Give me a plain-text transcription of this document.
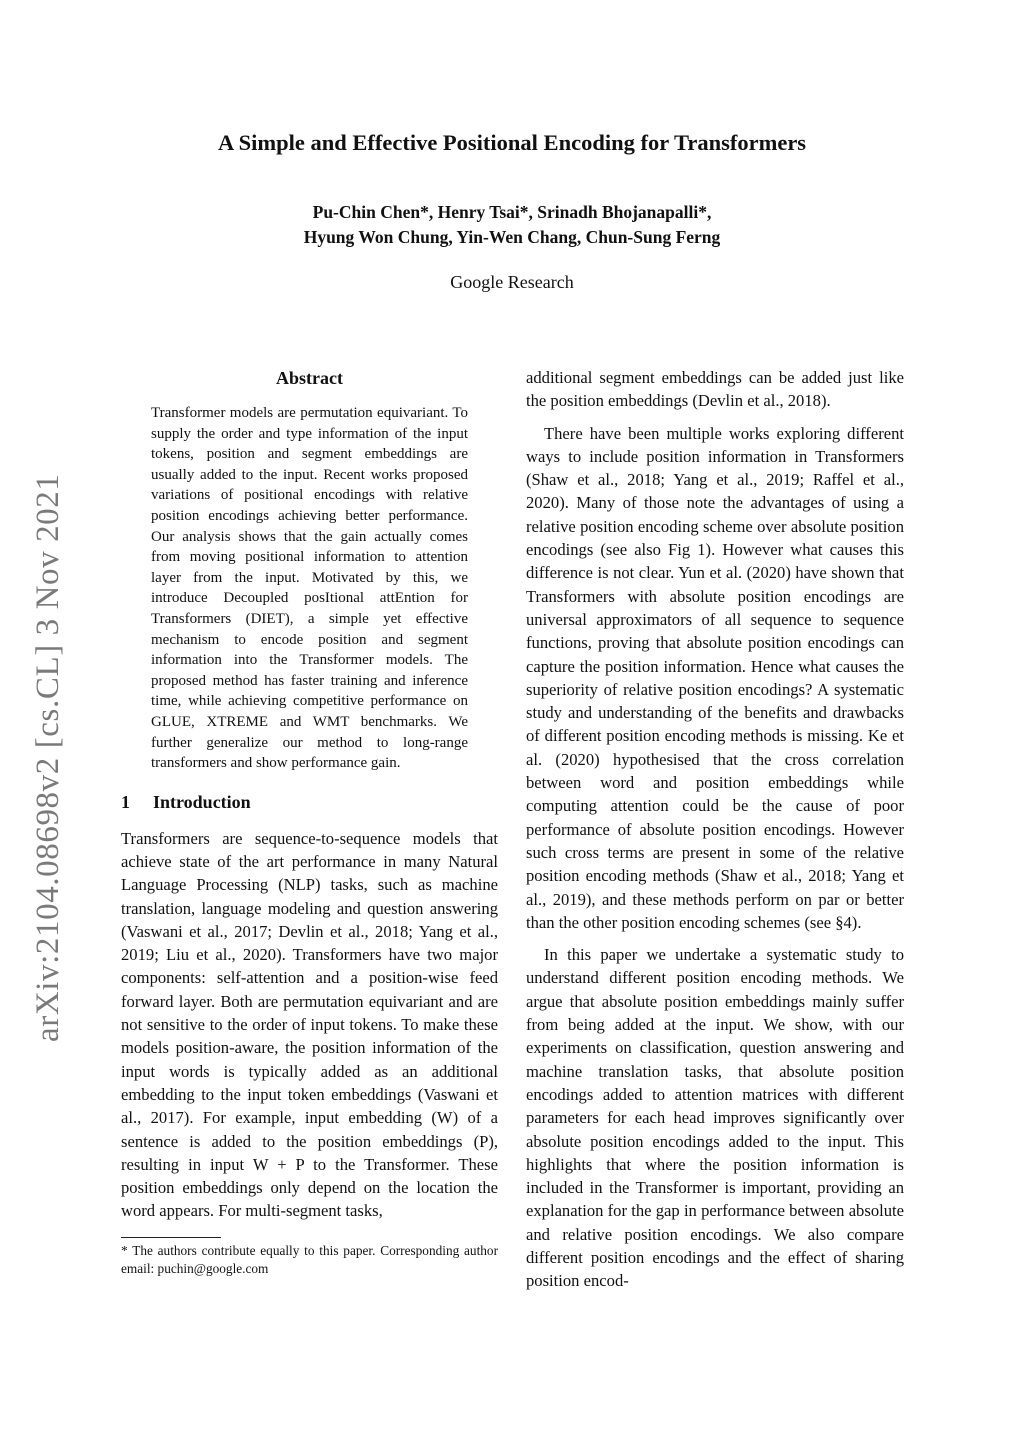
arXiv:2104.08698v2 [cs.CL] 3 Nov 2021
A Simple and Effective Positional Encoding for Transformers
Pu-Chin Chen*, Henry Tsai*, Srinadh Bhojanapalli*,
Hyung Won Chung, Yin-Wen Chang, Chun-Sung Ferng
Google Research
Abstract

Transformer models are permutation equivariant. To supply the order and type information of the input tokens, position and segment embeddings are usually added to the input. Recent works proposed variations of positional encodings with relative position encodings achieving better performance. Our analysis shows that the gain actually comes from moving positional information to attention layer from the input. Motivated by this, we introduce Decoupled posItional attEntion for Transformers (DIET), a simple yet effective mechanism to encode position and segment information into the Transformer models. The proposed method has faster training and inference time, while achieving competitive performance on GLUE, XTREME and WMT benchmarks. We further generalize our method to long-range transformers and show performance gain.

1 Introduction

Transformers are sequence-to-sequence models that achieve state of the art performance in many Natural Language Processing (NLP) tasks, such as machine translation, language modeling and question answering (Vaswani et al., 2017; Devlin et al., 2018; Yang et al., 2019; Liu et al., 2020). Transformers have two major components: self-attention and a position-wise feed forward layer. Both are permutation equivariant and are not sensitive to the order of input tokens. To make these models position-aware, the position information of the input words is typically added as an additional embedding to the input token embeddings (Vaswani et al., 2017). For example, input embedding (W) of a sentence is added to the position embeddings (P), resulting in input W + P to the Transformer. These position embeddings only depend on the location the word appears. For multi-segment tasks,

* The authors contribute equally to this paper. Corresponding author email: puchin@google.com

additional segment embeddings can be added just like the position embeddings (Devlin et al., 2018).

There have been multiple works exploring different ways to include position information in Transformers (Shaw et al., 2018; Yang et al., 2019; Raffel et al., 2020). Many of those note the advantages of using a relative position encoding scheme over absolute position encodings (see also Fig 1). However what causes this difference is not clear. Yun et al. (2020) have shown that Transformers with absolute position encodings are universal approximators of all sequence to sequence functions, proving that absolute position encodings can capture the position information. Hence what causes the superiority of relative position encodings? A systematic study and understanding of the benefits and drawbacks of different position encoding methods is missing. Ke et al. (2020) hypothesised that the cross correlation between word and position embeddings while computing attention could be the cause of poor performance of absolute position encodings. However such cross terms are present in some of the relative position encoding methods (Shaw et al., 2018; Yang et al., 2019), and these methods perform on par or better than the other position encoding schemes (see §4).

In this paper we undertake a systematic study to understand different position encoding methods. We argue that absolute position embeddings mainly suffer from being added at the input. We show, with our experiments on classification, question answering and machine translation tasks, that absolute position encodings added to attention matrices with different parameters for each head improves significantly over absolute position encodings added to the input. This highlights that where the position information is included in the Transformer is important, providing an explanation for the gap in performance between absolute and relative position encodings. We also compare different position encodings and the effect of sharing position encod-
